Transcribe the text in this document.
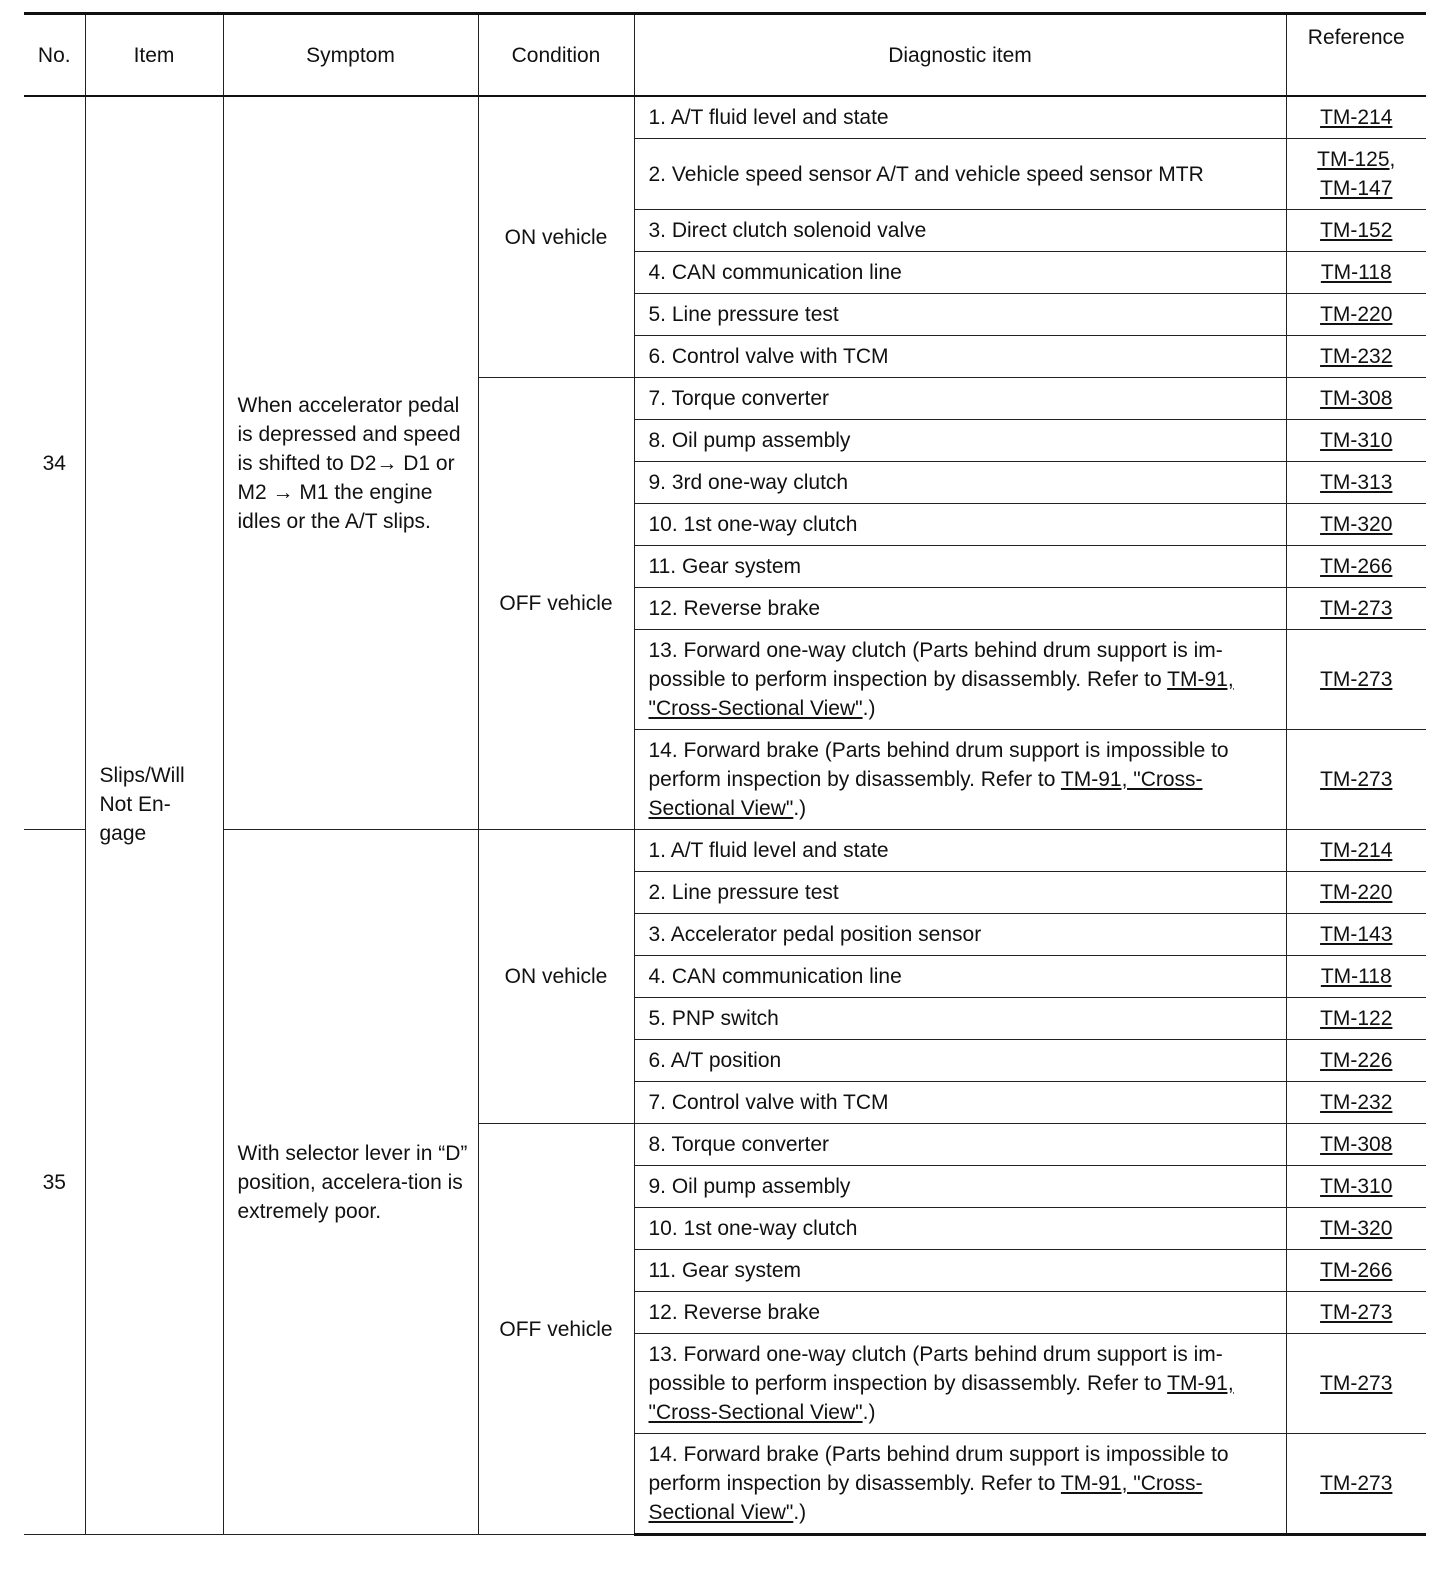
No.	Item	Symptom	Condition	Diagnostic item	Reference
34	Slips/Will Not En-gage	When accelerator pedal is depressed and speed is shifted to D2→ D1 or M2 → M1 the engine idles or the A/T slips.	ON vehicle	1. A/T fluid level and state	TM-214
				2. Vehicle speed sensor A/T and vehicle speed sensor MTR	TM-125,
TM-147
				3. Direct clutch solenoid valve	TM-152
				4. CAN communication line	TM-118
				5. Line pressure test	TM-220
				6. Control valve with TCM	TM-232
			OFF vehicle	7. Torque converter	TM-308
				8. Oil pump assembly	TM-310
				9. 3rd one-way clutch	TM-313
				10. 1st one-way clutch	TM-320
				11. Gear system	TM-266
				12. Reverse brake	TM-273
				13. Forward one-way clutch (Parts behind drum support is im-possible to perform inspection by disassembly. Refer to TM-91, "Cross-Sectional View".)	TM-273
				14. Forward brake (Parts behind drum support is impossible to perform inspection by disassembly. Refer to TM-91, "Cross-Sectional View".)	TM-273
35		With selector lever in “D” position, accelera-tion is extremely poor.	ON vehicle	1. A/T fluid level and state	TM-214
				2. Line pressure test	TM-220
				3. Accelerator pedal position sensor	TM-143
				4. CAN communication line	TM-118
				5. PNP switch	TM-122
				6. A/T position	TM-226
				7. Control valve with TCM	TM-232
			OFF vehicle	8. Torque converter	TM-308
				9. Oil pump assembly	TM-310
				10. 1st one-way clutch	TM-320
				11. Gear system	TM-266
				12. Reverse brake	TM-273
				13. Forward one-way clutch (Parts behind drum support is im-possible to perform inspection by disassembly. Refer to TM-91, "Cross-Sectional View".)	TM-273
				14. Forward brake (Parts behind drum support is impossible to perform inspection by disassembly. Refer to TM-91, "Cross-Sectional View".)	TM-273
